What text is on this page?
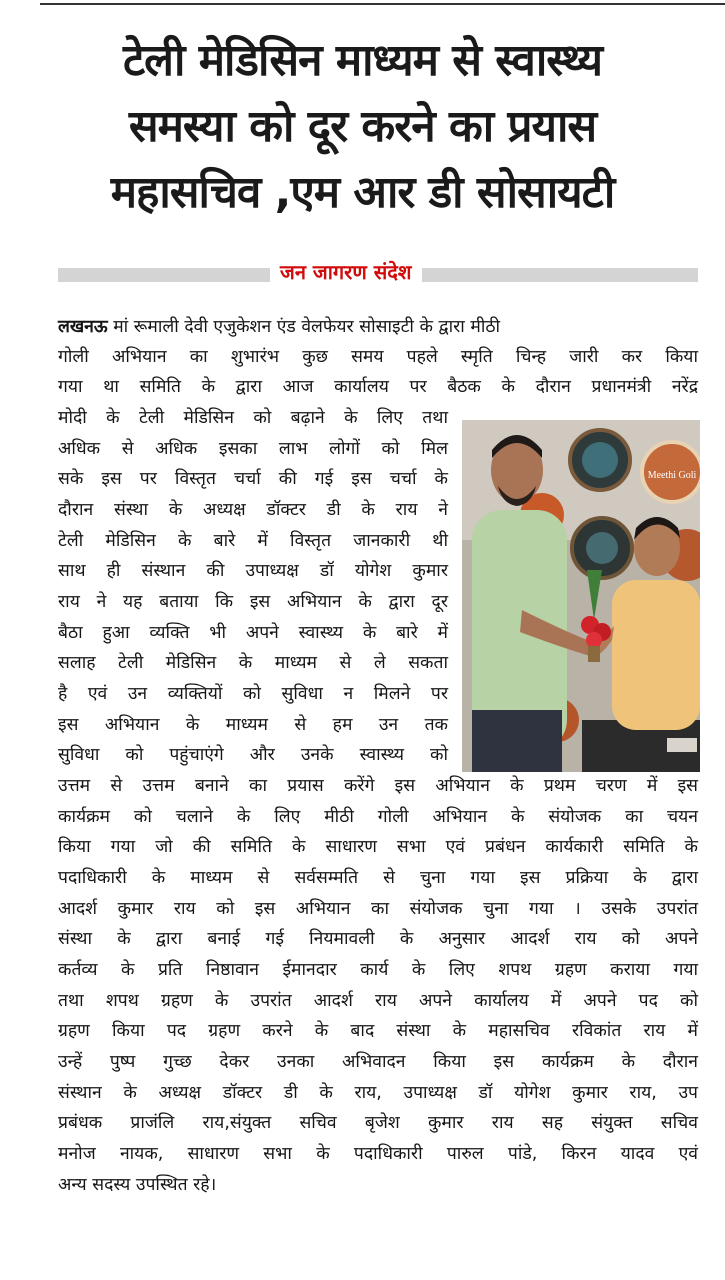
टेली मेडिसिन माध्यम से स्वास्थ्य
समस्या को दूर करने का प्रयास
महासचिव ,एम आर डी सोसायटी
जन जागरण संदेश
लखनऊ मां रूमाली देवी एजुकेशन एंड वेलफेयर सोसाइटी के द्वारा मीठी
गोली अभियान का शुभारंभ कुछ समय पहले स्मृति चिन्ह जारी कर किया
गया था समिति के द्वारा आज कार्यालय पर बैठक के दौरान प्रधानमंत्री नरेंद्र
मोदी के टेली मेडिसिन को बढ़ाने के लिए तथा
अधिक से अधिक इसका लाभ लोगों को मिल
सके इस पर विस्तृत चर्चा की गई इस चर्चा के
दौरान संस्था के अध्यक्ष डॉक्टर डी के राय ने
टेली मेडिसिन के बारे में विस्तृत जानकारी थी
साथ ही संस्थान की उपाध्यक्ष डॉ योगेश कुमार
राय ने यह बताया कि इस अभियान के द्वारा दूर
बैठा हुआ व्यक्ति भी अपने स्वास्थ्य के बारे में
सलाह टेली मेडिसिन के माध्यम से ले सकता
है एवं उन व्यक्तियों को सुविधा न मिलने पर
इस अभियान के माध्यम से हम उन तक
सुविधा को पहुंचाएंगे और उनके स्वास्थ्य को
उत्तम से उत्तम बनाने का प्रयास करेंगे इस अभियान के प्रथम चरण में इस
कार्यक्रम को चलाने के लिए मीठी गोली अभियान के संयोजक का चयन
किया गया जो की समिति के साधारण सभा एवं प्रबंधन कार्यकारी समिति के
पदाधिकारी के माध्यम से सर्वसम्मति से चुना गया इस प्रक्रिया के द्वारा
आदर्श कुमार राय को इस अभियान का संयोजक चुना गया । उसके उपरांत
संस्था के द्वारा बनाई गई नियमावली के अनुसार आदर्श राय को अपने
कर्तव्य के प्रति निष्ठावान ईमानदार कार्य के लिए शपथ ग्रहण कराया गया
तथा शपथ ग्रहण के उपरांत आदर्श राय अपने कार्यालय में अपने पद को
ग्रहण किया पद ग्रहण करने के बाद संस्था के महासचिव रविकांत राय में
उन्हें पुष्प गुच्छ देकर उनका अभिवादन किया इस कार्यक्रम के दौरान
संस्थान के अध्यक्ष डॉक्टर डी के राय, उपाध्यक्ष डॉ योगेश कुमार राय, उप
प्रबंधक प्राजंलि राय,संयुक्त सचिव बृजेश कुमार राय सह संयुक्त सचिव
मनोज नायक, साधारण सभा के पदाधिकारी पारुल पांडे, किरन यादव एवं
अन्य सदस्य उपस्थित रहे।
Meethi Goli
